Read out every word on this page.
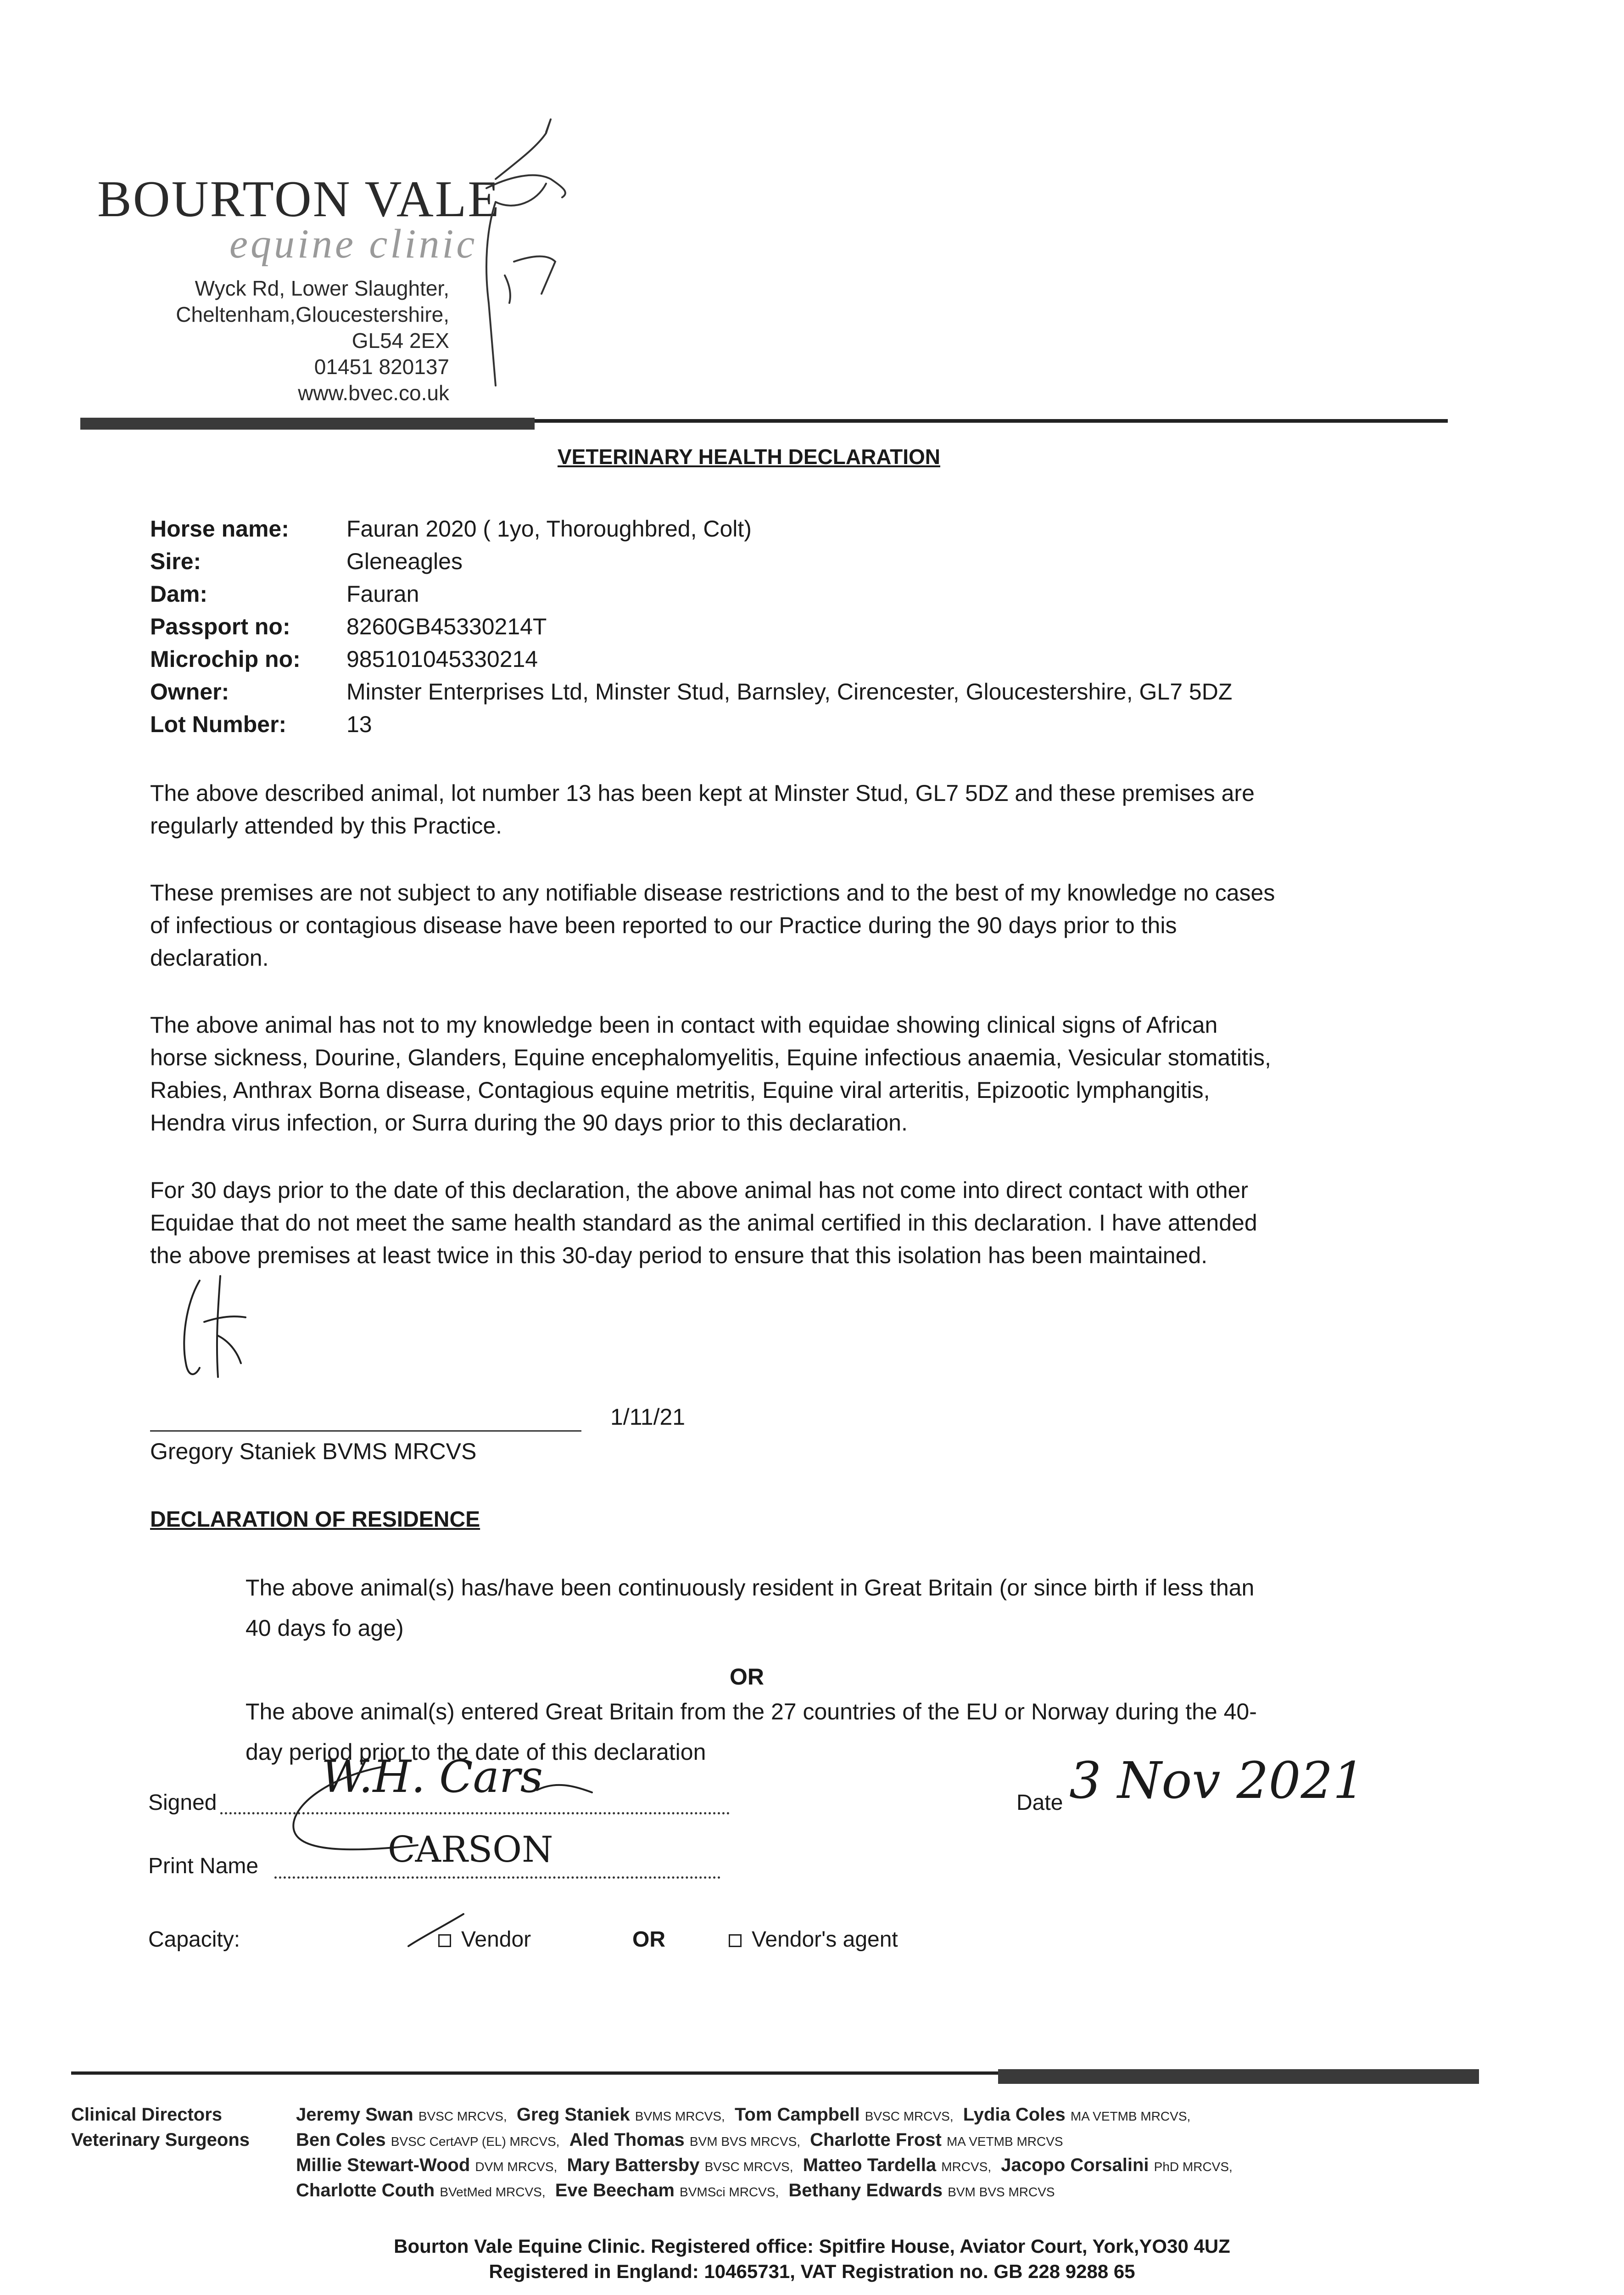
BOURTON VALE
equine clinic
Wyck Rd, Lower Slaughter,
Cheltenham,Gloucestershire,
GL54 2EX
01451 820137
www.bvec.co.uk
VETERINARY HEALTH DECLARATION
Horse name:	Fauran 2020 ( 1yo, Thoroughbred, Colt)
Sire:	Gleneagles
Dam:	Fauran
Passport no: 8260GB45330214T
Microchip no: 985101045330214
Owner:	Minster Enterprises Ltd, Minster Stud, Barnsley, Cirencester, Gloucestershire, GL7 5DZ
Lot Number:	13
The above described animal, lot number 13 has been kept at Minster Stud, GL7 5DZ and these premises are
regularly attended by this Practice.
These premises are not subject to any notifiable disease restrictions and to the best of my knowledge no cases
of infectious or contagious disease have been reported to our Practice during the 90 days prior to this
declaration.
The above animal has not to my knowledge been in contact with equidae showing clinical signs of African
horse sickness, Dourine, Glanders, Equine encephalomyelitis, Equine infectious anaemia, Vesicular stomatitis,
Rabies, Anthrax Borna disease, Contagious equine metritis, Equine viral arteritis, Epizootic lymphangitis,
Hendra virus infection, or Surra during the 90 days prior to this declaration.
For 30 days prior to the date of this declaration, the above animal has not come into direct contact with other
Equidae that do not meet the same health standard as the animal certified in this declaration. I have attended
the above premises at least twice in this 30-day period to ensure that this isolation has been maintained.
1/11/21
Gregory Staniek BVMS MRCVS
DECLARATION OF RESIDENCE
The above animal(s) has/have been continuously resident in Great Britain (or since birth if less than
40 days fo age)
OR
The above animal(s) entered Great Britain from the 27 countries of the EU or Norway during the 40-
day period prior to the date of this declaration
Signed
W.H. Cars
Date 3 Nov 2021
Print Name	CARSON
Capacity:	Vendor	OR	Vendor's agent
Clinical Directors
Veterinary Surgeons
Jeremy Swan BVSC MRCVS, Greg Staniek BVMS MRCVS, Tom Campbell BVSC MRCVS, Lydia Coles MA VETMB MRCVS,
Ben Coles BVSC CertAVP (EL) MRCVS, Aled Thomas BVM BVS MRCVS, Charlotte Frost MA VETMB MRCVS
Millie Stewart-Wood DVM MRCVS, Mary Battersby BVSC MRCVS, Matteo Tardella MRCVS, Jacopo Corsalini PhD MRCVS,
Charlotte Couth BVetMed MRCVS, Eve Beecham BVMSci MRCVS, Bethany Edwards BVM BVS MRCVS
Bourton Vale Equine Clinic. Registered office: Spitfire House, Aviator Court, York,YO30 4UZ
Registered in England: 10465731, VAT Registration no. GB 228 9288 65
